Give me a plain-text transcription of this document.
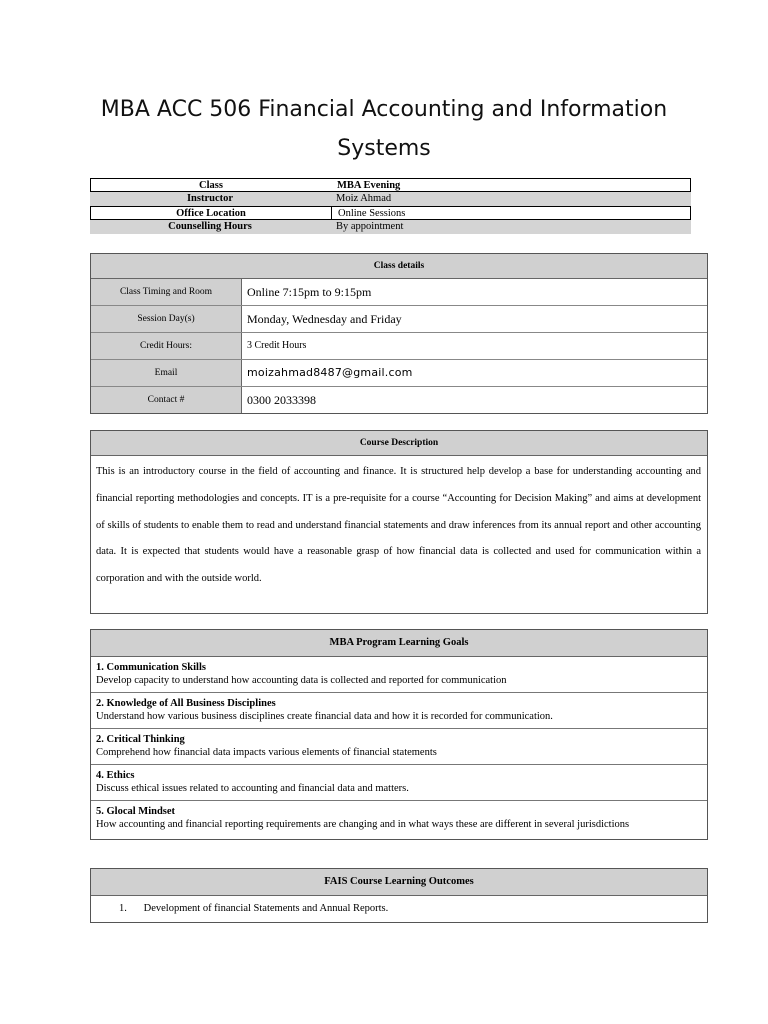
MBA ACC 506 Financial Accounting and Information
Systems
Class	MBA Evening
Instructor	Moiz Ahmad
Office Location	Online Sessions
Counselling Hours	By appointment
Class details
Class Timing and Room	Online 7:15pm to 9:15pm
Session Day(s)	Monday, Wednesday and Friday
Credit Hours:	3 Credit Hours
Email	moizahmad8487@gmail.com
Contact #	0300 2033398
Course Description
This is an introductory course in the field of accounting and finance. It is structured help develop a base for understanding accounting and financial reporting methodologies and concepts. IT is a pre-requisite for a course “Accounting for Decision Making” and aims at development of skills of students to enable them to read and understand financial statements and draw inferences from its annual report and other accounting data. It is expected that students would have a reasonable grasp of how financial data is collected and used for communication within a corporation and with the outside world.
MBA Program Learning Goals
1. Communication Skills
Develop capacity to understand how accounting data is collected and reported for communication
2. Knowledge of All Business Disciplines
Understand how various business disciplines create financial data and how it is recorded for communication.
2. Critical Thinking
Comprehend how financial data impacts various elements of financial statements
4. Ethics
Discuss ethical issues related to accounting and financial data and matters.
5. Glocal Mindset
How accounting and financial reporting requirements are changing and in what ways these are different in several jurisdictions
FAIS Course Learning Outcomes
1. Development of financial Statements and Annual Reports.
